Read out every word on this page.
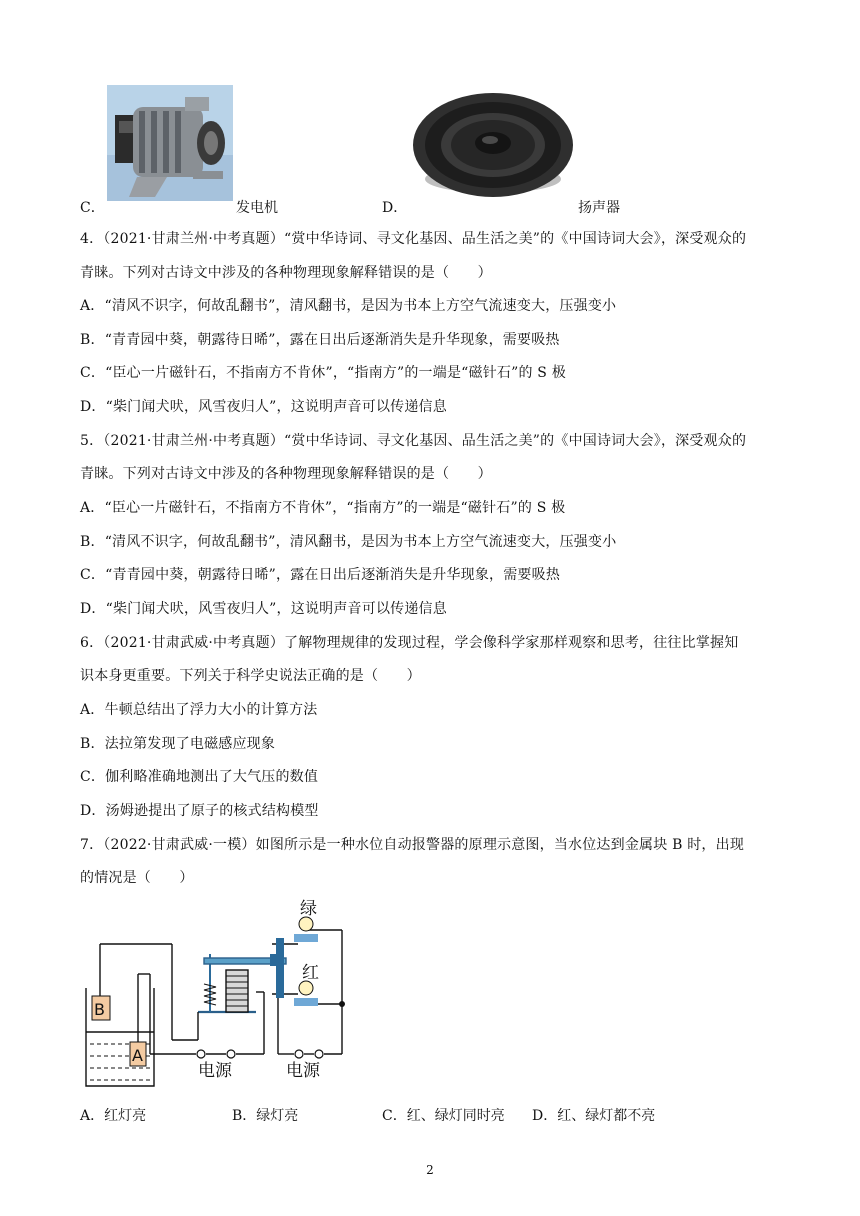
C．	发电机	D．	扬声器
4．（2021·甘肃兰州·中考真题）“赏中华诗词、寻文化基因、品生活之美”的《中国诗词大会》，深受观众的
青睐。下列对古诗文中涉及的各种物理现象解释错误的是（　　）
A．“清风不识字，何故乱翻书”，清风翻书，是因为书本上方空气流速变大，压强变小
B．“青青园中葵，朝露待日晞”，露在日出后逐渐消失是升华现象，需要吸热
C．“臣心一片磁针石，不指南方不肯休”，“指南方”的一端是“磁针石”的 S 极
D．“柴门闻犬吠，风雪夜归人”，这说明声音可以传递信息
5．（2021·甘肃兰州·中考真题）“赏中华诗词、寻文化基因、品生活之美”的《中国诗词大会》，深受观众的
青睐。下列对古诗文中涉及的各种物理现象解释错误的是（　　）
A．“臣心一片磁针石，不指南方不肯休”，“指南方”的一端是“磁针石”的 S 极
B．“清风不识字，何故乱翻书”，清风翻书，是因为书本上方空气流速变大，压强变小
C．“青青园中葵，朝露待日晞”，露在日出后逐渐消失是升华现象，需要吸热
D．“柴门闻犬吠，风雪夜归人”，这说明声音可以传递信息
6．（2021·甘肃武威·中考真题）了解物理规律的发现过程，学会像科学家那样观察和思考，往往比掌握知
识本身更重要。下列关于科学史说法正确的是（　　）
A．牛顿总结出了浮力大小的计算方法
B．法拉第发现了电磁感应现象
C．伽利略准确地测出了大气压的数值
D．汤姆逊提出了原子的核式结构模型
7．（2022·甘肃武威·一模）如图所示是一种水位自动报警器的原理示意图，当水位达到金属块 B 时，出现
的情况是（　　）
绿
红
B
A
电源	电源
A．红灯亮	B．绿灯亮	C．红、绿灯同时亮 D．红、绿灯都不亮
2
